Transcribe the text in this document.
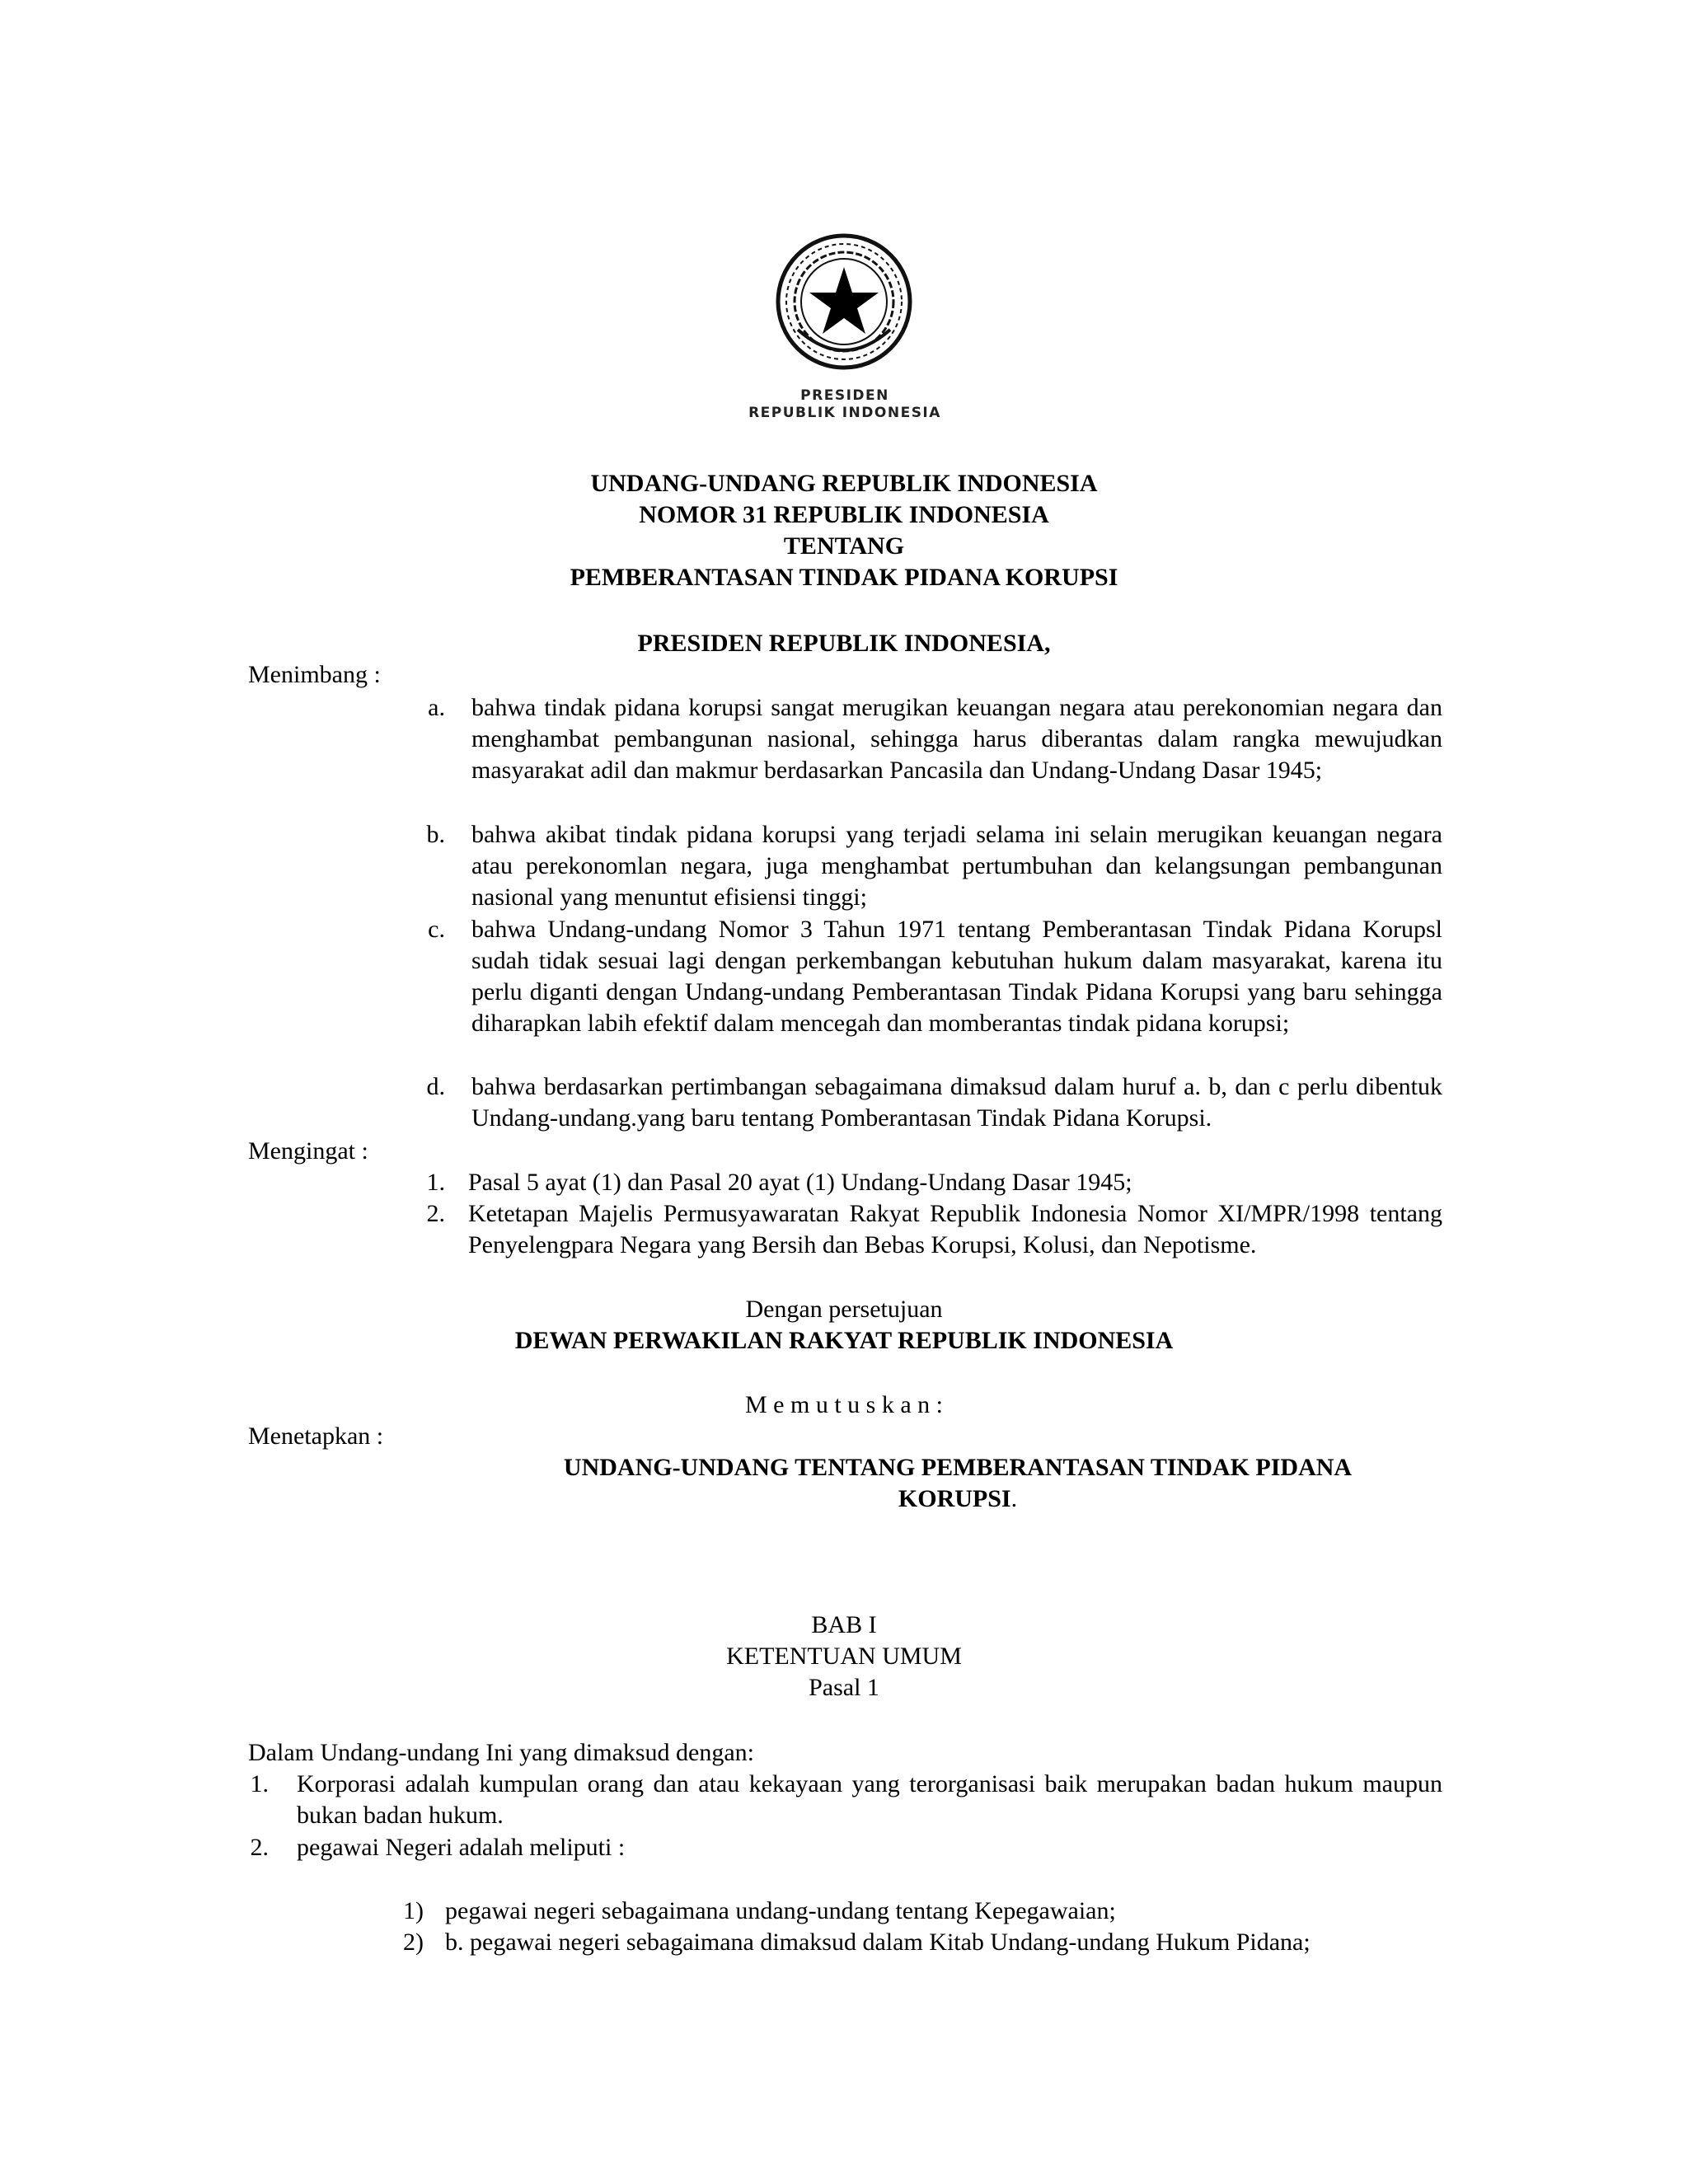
PRESIDEN
REPUBLIK INDONESIA
UNDANG-UNDANG REPUBLIK INDONESIA
NOMOR 31 REPUBLIK INDONESIA
TENTANG
PEMBERANTASAN TINDAK PIDANA KORUPSI
PRESIDEN REPUBLIK INDONESIA,
Menimbang :
a. bahwa tindak pidana korupsi sangat merugikan keuangan negara atau perekonomian negara dan menghambat pembangunan nasional, sehingga harus diberantas dalam rangka mewujudkan masyarakat adil dan makmur berdasarkan Pancasila dan Undang-Undang Dasar 1945;
b. bahwa akibat tindak pidana korupsi yang terjadi selama ini selain merugikan keuangan negara atau perekonomlan negara, juga menghambat pertumbuhan dan kelangsungan pembangunan nasional yang menuntut efisiensi tinggi;
c. bahwa Undang-undang Nomor 3 Tahun 1971 tentang Pemberantasan Tindak Pidana Korupsl sudah tidak sesuai lagi dengan perkembangan kebutuhan hukum dalam masyarakat, karena itu perlu diganti dengan Undang-undang Pemberantasan Tindak Pidana Korupsi yang baru sehingga diharapkan labih efektif dalam mencegah dan momberantas tindak pidana korupsi;
d. bahwa berdasarkan pertimbangan sebagaimana dimaksud dalam huruf a. b, dan c perlu dibentuk Undang-undang.yang baru tentang Pomberantasan Tindak Pidana Korupsi.
Mengingat :
1. Pasal 5 ayat (1) dan Pasal 20 ayat (1) Undang-Undang Dasar 1945;
2. Ketetapan Majelis Permusyawaratan Rakyat Republik Indonesia Nomor XI/MPR/1998 tentang Penyelengpara Negara yang Bersih dan Bebas Korupsi, Kolusi, dan Nepotisme.
Dengan persetujuan
DEWAN PERWAKILAN RAKYAT REPUBLIK INDONESIA
M e m u t u s k a n :
Menetapkan :
UNDANG-UNDANG TENTANG PEMBERANTASAN TINDAK PIDANA
KORUPSI.
BAB I
KETENTUAN UMUM
Pasal 1
Dalam Undang-undang Ini yang dimaksud dengan:
1. Korporasi adalah kumpulan orang dan atau kekayaan yang terorganisasi baik merupakan badan hukum maupun bukan badan hukum.
2. pegawai Negeri adalah meliputi :
1) pegawai negeri sebagaimana undang-undang tentang Kepegawaian;
2) b. pegawai negeri sebagaimana dimaksud dalam Kitab Undang-undang Hukum Pidana;
